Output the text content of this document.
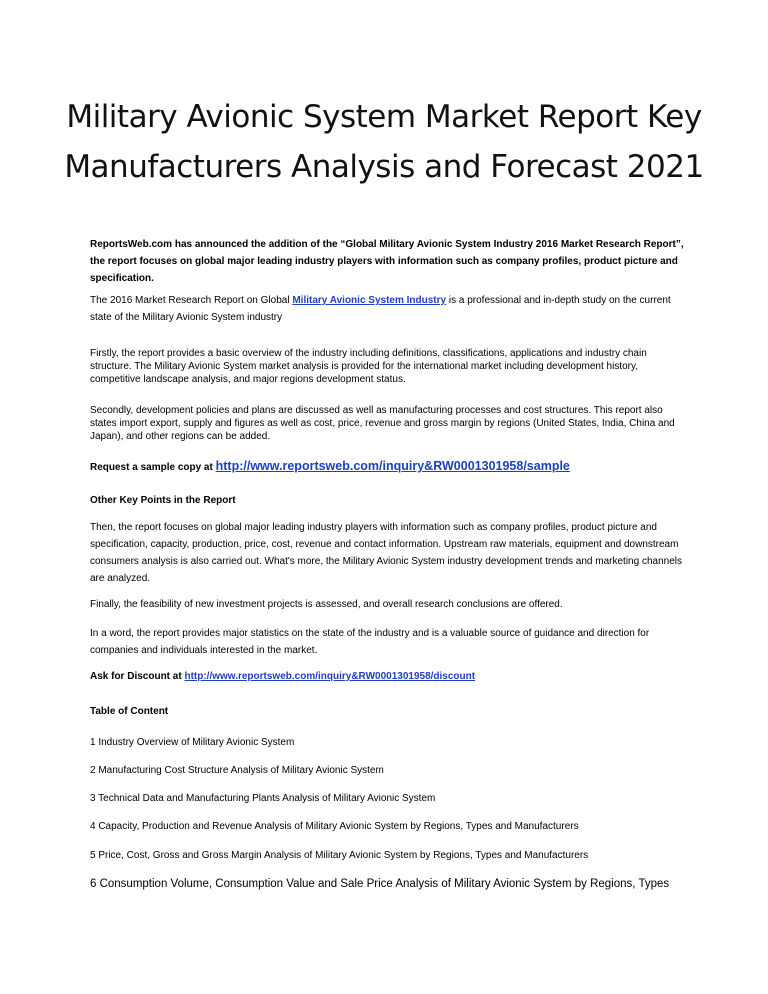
Military Avionic System Market Report Key
Manufacturers Analysis and Forecast 2021
ReportsWeb.com has announced the addition of the “Global Military Avionic System Industry 2016 Market Research Report”, the report focuses on global major leading industry players with information such as company profiles, product picture and specification.
The 2016 Market Research Report on Global Military Avionic System Industry is a professional and in-depth study on the current state of the Military Avionic System industry
Firstly, the report provides a basic overview of the industry including definitions, classifications, applications and industry chain structure. The Military Avionic System market analysis is provided for the international market including development history, competitive landscape analysis, and major regions development status.
Secondly, development policies and plans are discussed as well as manufacturing processes and cost structures. This report also states import export, supply and figures as well as cost, price, revenue and gross margin by regions (United States, India, China and Japan), and other regions can be added.
Request a sample copy at http://www.reportsweb.com/inquiry&RW0001301958/sample
Other Key Points in the Report
Then, the report focuses on global major leading industry players with information such as company profiles, product picture and specification, capacity, production, price, cost, revenue and contact information. Upstream raw materials, equipment and downstream consumers analysis is also carried out. What's more, the Military Avionic System industry development trends and marketing channels are analyzed.
Finally, the feasibility of new investment projects is assessed, and overall research conclusions are offered.
In a word, the report provides major statistics on the state of the industry and is a valuable source of guidance and direction for companies and individuals interested in the market.
Ask for Discount at http://www.reportsweb.com/inquiry&RW0001301958/discount
Table of Content
1 Industry Overview of Military Avionic System
2 Manufacturing Cost Structure Analysis of Military Avionic System
3 Technical Data and Manufacturing Plants Analysis of Military Avionic System
4 Capacity, Production and Revenue Analysis of Military Avionic System by Regions, Types and Manufacturers
5 Price, Cost, Gross and Gross Margin Analysis of Military Avionic System by Regions, Types and Manufacturers
6 Consumption Volume, Consumption Value and Sale Price Analysis of Military Avionic System by Regions, Types
